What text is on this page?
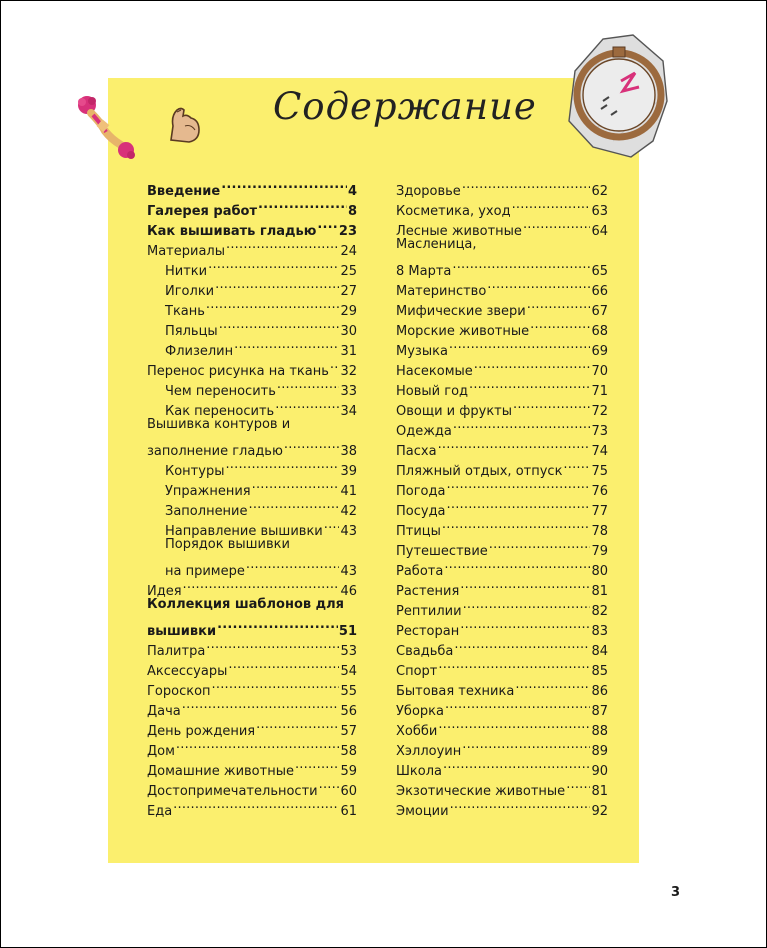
Содержание
Введение .....	4
Галерея работ .....	8
Как вышивать гладью ..... 23
Материалы .....	24
Нитки .....	25
Иголки .....	27
Ткань .....	29
Пяльцы .....	30
Флизелин .....	31
Перенос рисунка на ткань ..... 32
Чем переносить .....	33
Как переносить .....	34
Вышивка контуров и
заполнение гладью .....	38
Контуры .....	39
Упражнения .....	41
Заполнение .....	42
Направление вышивки ..... 43
Порядок вышивки
на примере .....	43
Идея .....	46
Коллекция шаблонов для
вышивки .....	51
Палитра .....	53
Аксессуары .....	54
Гороскоп .....	55
Дача .....	56
День рождения .....	57
Дом .....	58
Домашние животные .....	59
Достопримечательности ..... 60
Еда .....	61
Здоровье .....	62
Косметика, уход .....	63
Лесные животные .....	64
Масленица,
8 Марта .....	65
Материнство .....	66
Мифические звери .....	67
Морские животные .....	68
Музыка .....	69
Насекомые .....	70
Новый год .....	71
Овощи и фрукты .....	72
Одежда .....	73
Пасха .....	74
Пляжный отдых, отпуск ..... 75
Погода .....	76
Посуда .....	77
Птицы .....	78
Путешествие .....	79
Работа .....	80
Растения .....	81
Рептилии .....	82
Ресторан .....	83
Свадьба .....	84
Спорт .....	85
Бытовая техника .....	86
Уборка .....	87
Хобби .....	88
Хэллоуин .....	89
Школа .....	90
Экзотические животные ..... 81
Эмоции .....	92
3
